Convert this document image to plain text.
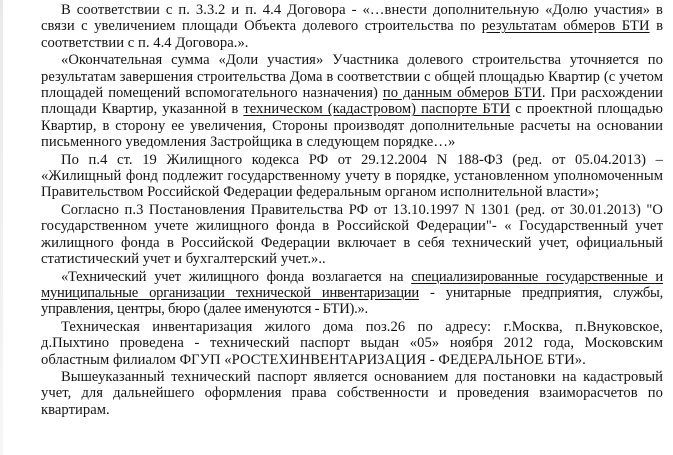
В соответствии с п. 3.3.2 и п. 4.4 Договора - «…внести дополнительную «Долю участия» в связи с увеличением площади Объекта долевого строительства по результатам обмеров БТИ в соответствии с п. 4.4 Договора.».

«Окончательная сумма «Доли участия» Участника долевого строительства уточняется по результатам завершения строительства Дома в соответствии с общей площадью Квартир (с учетом площадей помещений вспомогательного назначения) по данным обмеров БТИ. При расхождении площади Квартир, указанной в техническом (кадастровом) паспорте БТИ с проектной площадью Квартир, в сторону ее увеличения, Стороны производят дополнительные расчеты на основании письменного уведомления Застройщика в следующем порядке…»

По п.4 ст. 19 Жилищного кодекса РФ от 29.12.2004 N 188-ФЗ (ред. от 05.04.2013) – «Жилищный фонд подлежит государственному учету в порядке, установленном уполномоченным Правительством Российской Федерации федеральным органом исполнительной власти»;

Согласно п.3 Постановления Правительства РФ от 13.10.1997 N 1301 (ред. от 30.01.2013) "О государственном учете жилищного фонда в Российской Федерации"- « Государственный учет жилищного фонда в Российской Федерации включает в себя технический учет, официальный статистический учет и бухгалтерский учет.»..

«Технический учет жилищного фонда возлагается на специализированные государственные и муниципальные организации технической инвентаризации - унитарные предприятия, службы, управления, центры, бюро (далее именуются - БТИ).».

Техническая инвентаризация жилого дома поз.26 по адресу: г.Москва, п.Внуковское, д.Пыхтино проведена - технический паспорт выдан «05» ноября 2012 года, Московским областным филиалом ФГУП «РОСТЕХИНВЕНТАРИЗАЦИЯ - ФЕДЕРАЛЬНОЕ БТИ».

Вышеуказанный технический паспорт является основанием для постановки на кадастровый учет, для дальнейшего оформления права собственности и проведения взаиморасчетов по квартирам.
